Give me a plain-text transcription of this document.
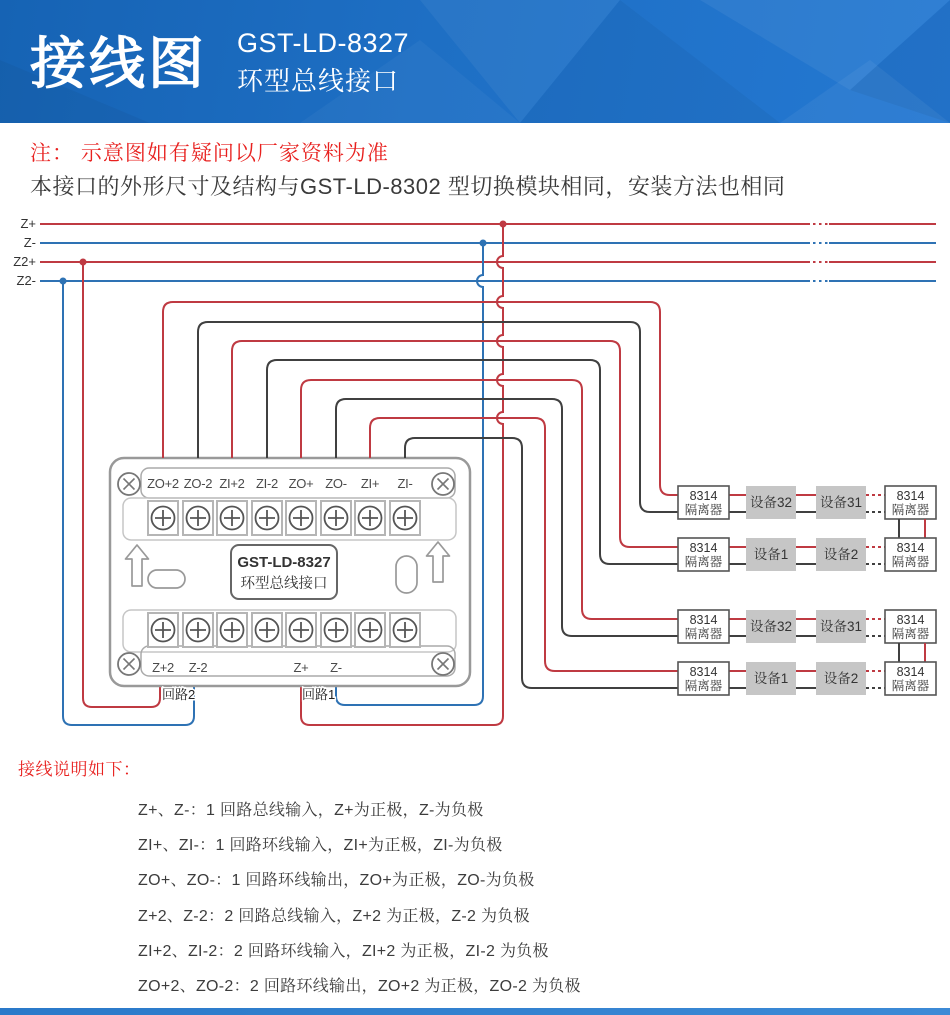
接线图 GST-LD-8327
环型总线接口
注： 示意图如有疑问以厂家资料为准
本接口的外形尺寸及结构与GST-LD-8302 型切换模块相同，安装方法也相同
Z+
Z-
Z2+
Z2-
ZO+2 ZO-2 ZI+2 ZI-2 ZO+ ZO- ZI+ ZI-
Z+2 Z-2	Z+ Z-
GST-LD-8327
环型总线接口
回路2	回路1
8314
隔离器 设备32 设备31	8314
隔离器
8314
隔离器 设备1	设备2	8314
隔离器
8314
隔离器 设备32 设备31	8314
隔离器
8314
隔离器 设备1	设备2	8314
隔离器
接线说明如下：
Z+、Z-：1 回路总线输入，Z+为正极，Z-为负极
ZI+、ZI-：1 回路环线输入，ZI+为正极，ZI-为负极
ZO+、ZO-：1 回路环线输出，ZO+为正极，ZO-为负极
Z+2、Z-2：2 回路总线输入，Z+2 为正极，Z-2 为负极
ZI+2、ZI-2：2 回路环线输入，ZI+2 为正极，ZI-2 为负极
ZO+2、ZO-2：2 回路环线输出，ZO+2 为正极，ZO-2 为负极
